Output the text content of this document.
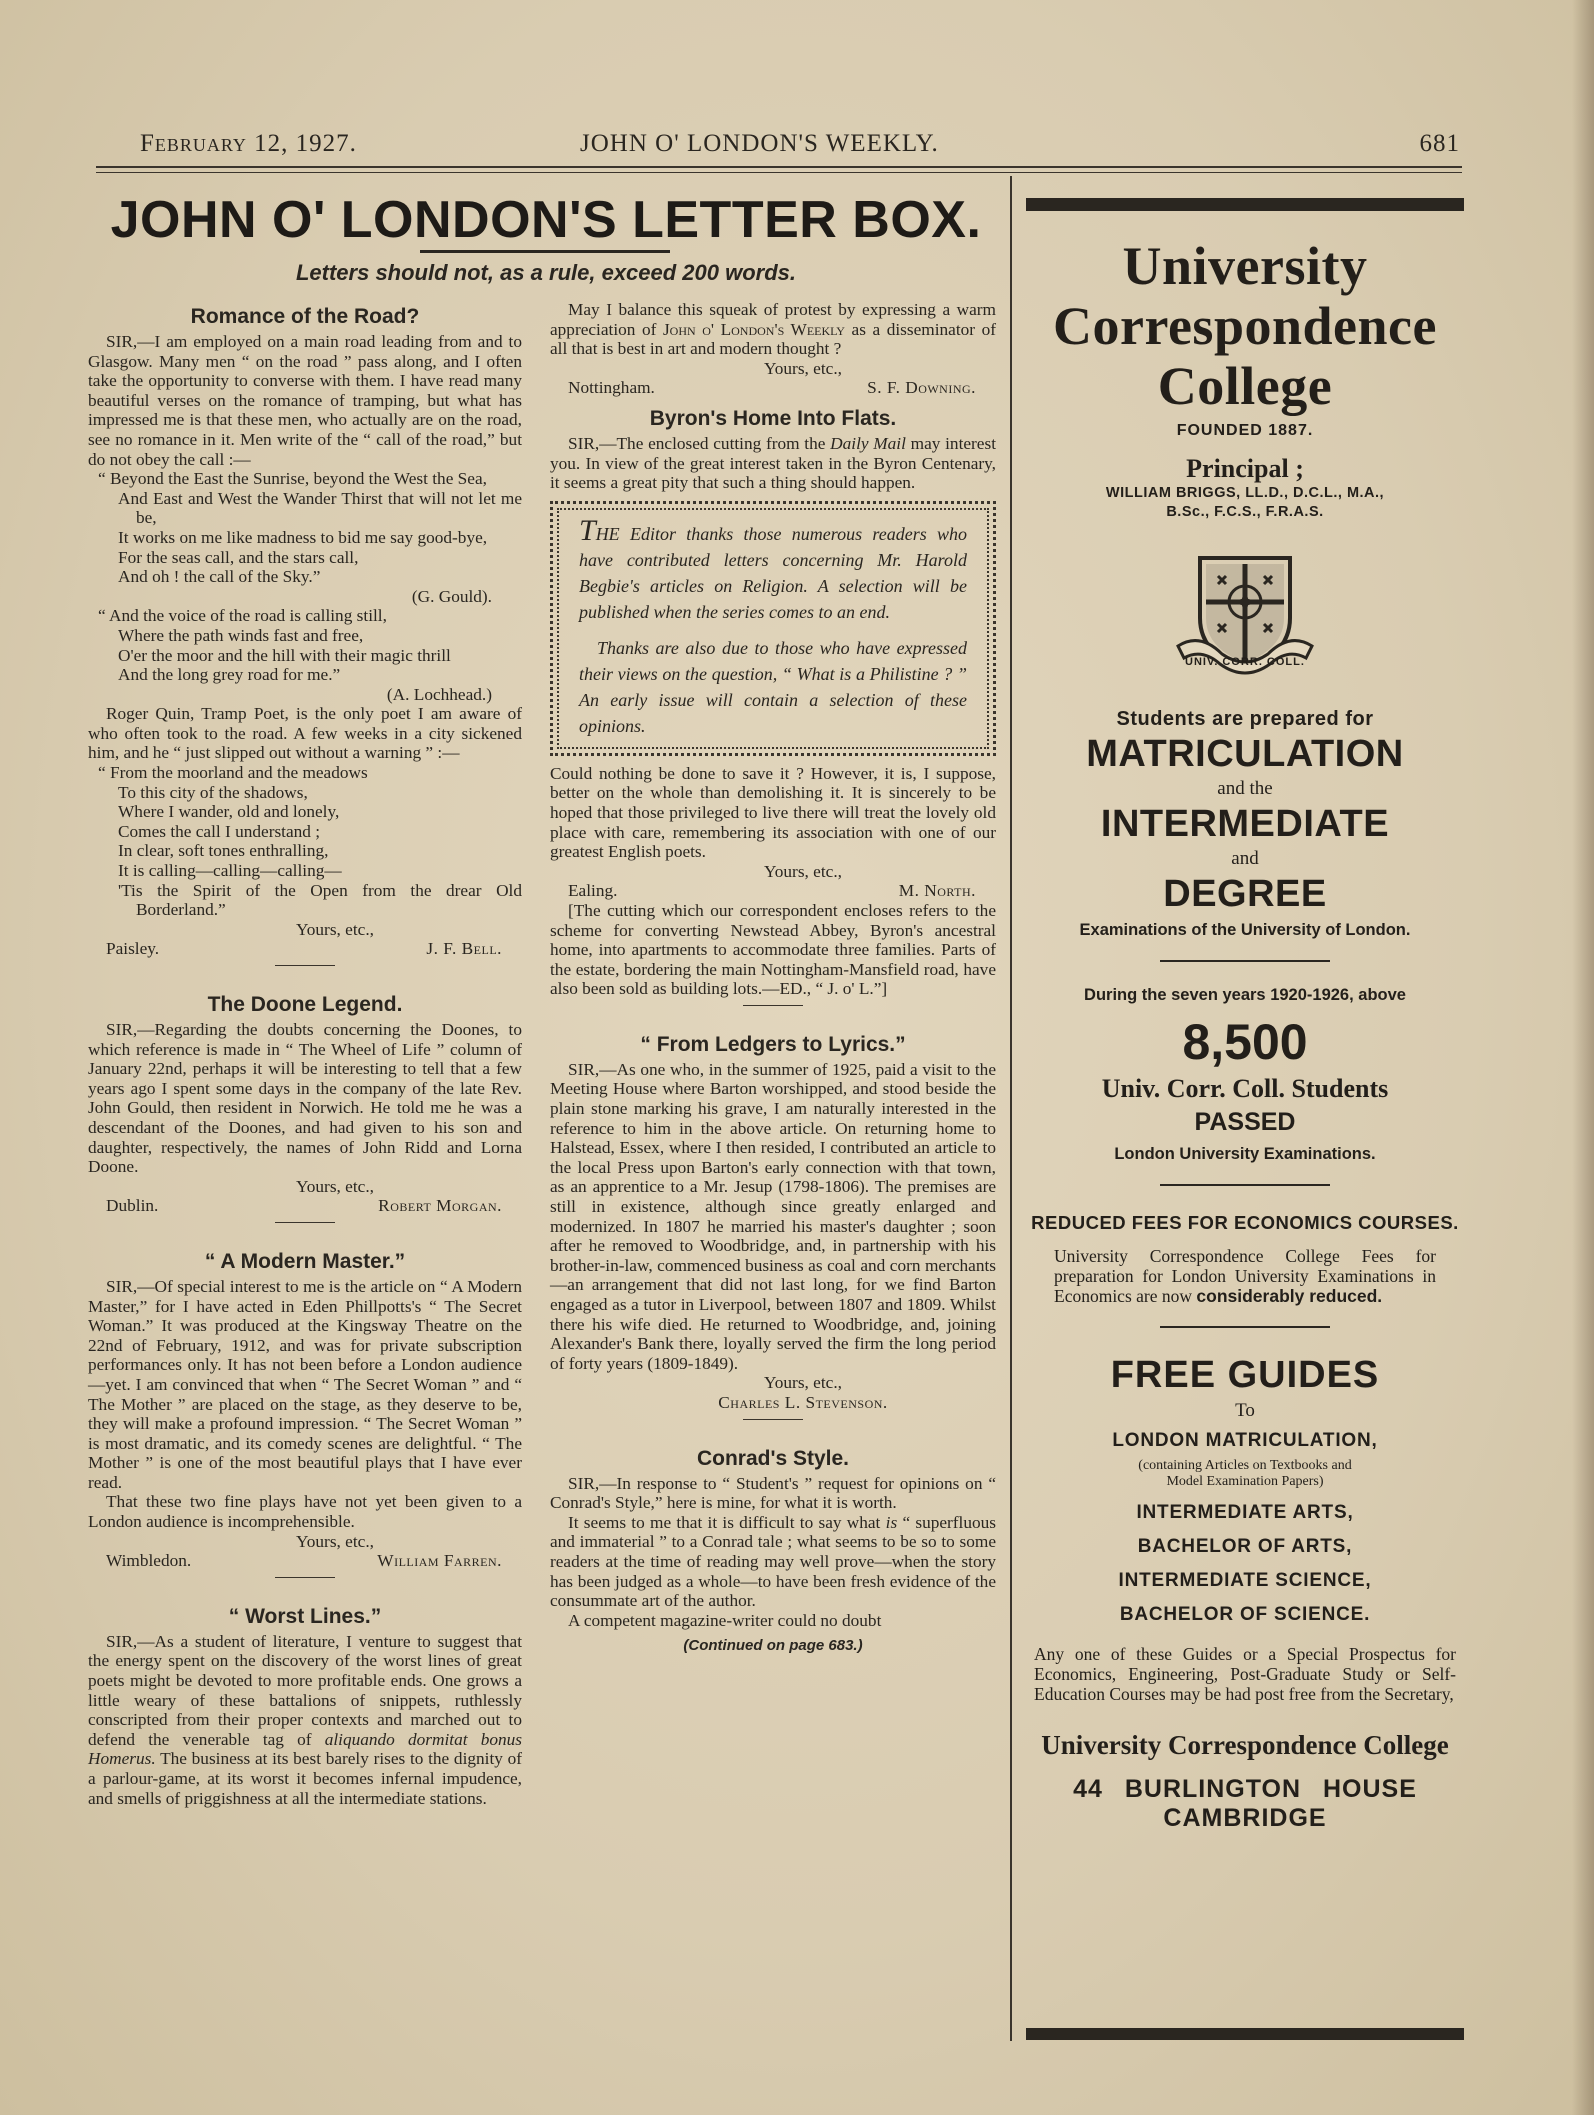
February 12, 1927.	JOHN O' LONDON'S WEEKLY.	681
JOHN O' LONDON'S LETTER BOX.
Letters should not, as a rule, exceed 200 words.
Romance of the Road?

SIR,—I am employed on a main road leading from and to Glasgow. Many men “ on the road ” pass along, and I often take the opportunity to converse with them. I have read many beautiful verses on the romance of tramping, but what has impressed me is that these men, who actually are on the road, see no romance in it. Men write of the “ call of the road,” but do not obey the call :—

“ Beyond the East the Sunrise, beyond the West the Sea,
And East and West the Wander Thirst that will not let me be,
It works on me like madness to bid me say good-bye,
For the seas call, and the stars call,
And oh ! the call of the Sky.”
(G. Gould).
“ And the voice of the road is calling still,
Where the path winds fast and free,
O'er the moor and the hill with their magic thrill
And the long grey road for me.”
(A. Lochhead.)

Roger Quin, Tramp Poet, is the only poet I am aware of who often took to the road. A few weeks in a city sickened him, and he “ just slipped out without a warning ” :—

“ From the moorland and the meadows
To this city of the shadows,
Where I wander, old and lonely,
Comes the call I understand ;
In clear, soft tones enthralling,
It is calling—calling—calling—
'Tis the Spirit of the Open from the drear Old Borderland.”
Yours, etc.,
Paisley.	J. F. Bell.
The Doone Legend.

SIR,—Regarding the doubts concerning the Doones, to which reference is made in “ The Wheel of Life ” column of January 22nd, perhaps it will be interesting to tell that a few years ago I spent some days in the company of the late Rev. John Gould, then resident in Norwich. He told me he was a descendant of the Doones, and had given to his son and daughter, respectively, the names of John Ridd and Lorna Doone.

Yours, etc.,
Dublin.	Robert Morgan.
“ A Modern Master.”

SIR,—Of special interest to me is the article on “ A Modern Master,” for I have acted in Eden Phillpotts's “ The Secret Woman.” It was produced at the Kingsway Theatre on the 22nd of February, 1912, and was for private subscription performances only. It has not been before a London audience—yet. I am convinced that when “ The Secret Woman ” and “ The Mother ” are placed on the stage, as they deserve to be, they will make a profound impression. “ The Secret Woman ” is most dramatic, and its comedy scenes are delightful. “ The Mother ” is one of the most beautiful plays that I have ever read.

That these two fine plays have not yet been given to a London audience is incomprehensible.

Yours, etc.,
Wimbledon.	William Farren.
“ Worst Lines.”

SIR,—As a student of literature, I venture to suggest that the energy spent on the discovery of the worst lines of great poets might be devoted to more profitable ends. One grows a little weary of these battalions of snippets, ruthlessly conscripted from their proper contexts and marched out to defend the venerable tag of aliquando dormitat bonus Homerus. The business at its best barely rises to the dignity of a parlour-game, at its worst it becomes infernal impudence, and smells of priggishness at all the intermediate stations.

May I balance this squeak of protest by expressing a warm appreciation of John o' London's Weekly as a disseminator of all that is best in art and modern thought ?

Yours, etc.,
Nottingham.	S. F. Downing.
Byron's Home Into Flats.

SIR,—The enclosed cutting from the Daily Mail may interest you. In view of the great interest taken in the Byron Centenary, it seems a great pity that such a thing should happen.

THE Editor thanks those numerous readers who have contributed letters concerning Mr. Harold Begbie's articles on Religion. A selection will be published when the series comes to an end.

Thanks are also due to those who have expressed their views on the question, “ What is a Philistine ? ” An early issue will contain a selection of these opinions.

Could nothing be done to save it ? However, it is, I suppose, better on the whole than demolishing it. It is sincerely to be hoped that those privileged to live there will treat the lovely old place with care, remembering its association with one of our greatest English poets.

Yours, etc.,
Ealing.	M. North.

[The cutting which our correspondent encloses refers to the scheme for converting Newstead Abbey, Byron's ancestral home, into apartments to accommodate three families. Parts of the estate, bordering the main Nottingham-Mansfield road, have also been sold as building lots.—ED., “ J. o' L.”]

“ From Ledgers to Lyrics.”

SIR,—As one who, in the summer of 1925, paid a visit to the Meeting House where Barton worshipped, and stood beside the plain stone marking his grave, I am naturally interested in the reference to him in the above article. On returning home to Halstead, Essex, where I then resided, I contributed an article to the local Press upon Barton's early connection with that town, as an apprentice to a Mr. Jesup (1798-1806). The premises are still in existence, although since greatly enlarged and modernized. In 1807 he married his master's daughter ; soon after he removed to Woodbridge, and, in partnership with his brother-in-law, commenced business as coal and corn merchants—an arrangement that did not last long, for we find Barton engaged as a tutor in Liverpool, between 1807 and 1809. Whilst there his wife died. He returned to Woodbridge, and, joining Alexander's Bank there, loyally served the firm the long period of forty years (1809-1849).

Yours, etc.,
Charles L. Stevenson.
Conrad's Style.

SIR,—In response to “ Student's ” request for opinions on “ Conrad's Style,” here is mine, for what it is worth.

It seems to me that it is difficult to say what is “ superfluous and immaterial ” to a Conrad tale ; what seems to be so to some readers at the time of reading may well prove—when the story has been judged as a whole—to have been fresh evidence of the consummate art of the author.

A competent magazine-writer could no doubt

(Continued on page 683.)
University
Correspondence
College
FOUNDED 1887.
Principal ;
WILLIAM BRIGGS, LL.D., D.C.L., M.A.,
B.Sc., F.C.S., F.R.A.S.
UNIV. CORR. COLL.
Students are prepared for
MATRICULATION
and the
INTERMEDIATE
and
DEGREE
Examinations of the University of London.
During the seven years 1920-1926, above
8,500
Univ. Corr. Coll. Students
PASSED
London University Examinations.
REDUCED FEES FOR ECONOMICS COURSES.
University Correspondence College Fees for preparation for London University Examinations in Economics are now considerably reduced.
FREE GUIDES
To
LONDON MATRICULATION,
(containing Articles on Textbooks and
Model Examination Papers)
INTERMEDIATE ARTS,
BACHELOR OF ARTS,
INTERMEDIATE SCIENCE,
BACHELOR OF SCIENCE.
Any one of these Guides or a Special Prospectus for Economics, Engineering, Post-Graduate Study or Self-Education Courses may be had post free from the Secretary,
University Correspondence College
44 BURLINGTON HOUSE CAMBRIDGE
